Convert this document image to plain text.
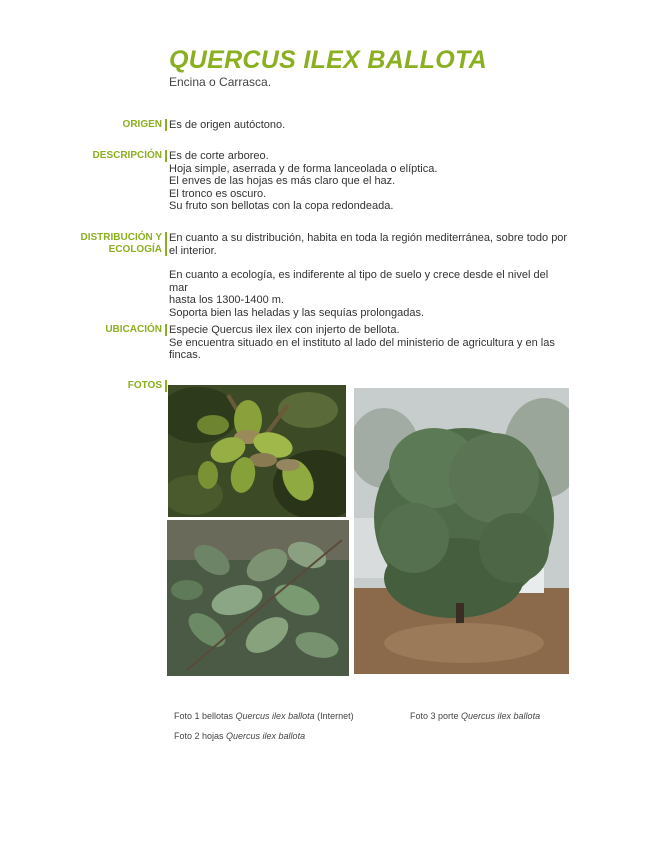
QUERCUS ILEX BALLOTA
Encina o Carrasca.
ORIGEN Es de origen autóctono.

DESCRIPCIÓN Es de corte arboreo.

Hoja simple, aserrada y de forma lanceolada o elíptica.

El enves de las hojas es más claro que el haz.

El tronco es oscuro.

Su fruto son bellotas con la copa redondeada.

DISTRIBUCIÓN Y
ECOLOGÍA

En cuanto a su distribución, habita en toda la región mediterránea, sobre todo por

el interior.

En cuanto a ecología, es indiferente al tipo de suelo y crece desde el nivel del mar

hasta los 1300-1400 m.

Soporta bien las heladas y las sequías prolongadas.

UBICACIÓN Especie Quercus ilex ilex con injerto de bellota.

Se encuentra situado en el instituto al lado del ministerio de agricultura y en las

fincas.

FOTOS
Foto 1 bellotas Quercus ilex ballota (Internet)	Foto 3 porte Quercus ilex ballota
Foto 2 hojas Quercus ilex ballota
